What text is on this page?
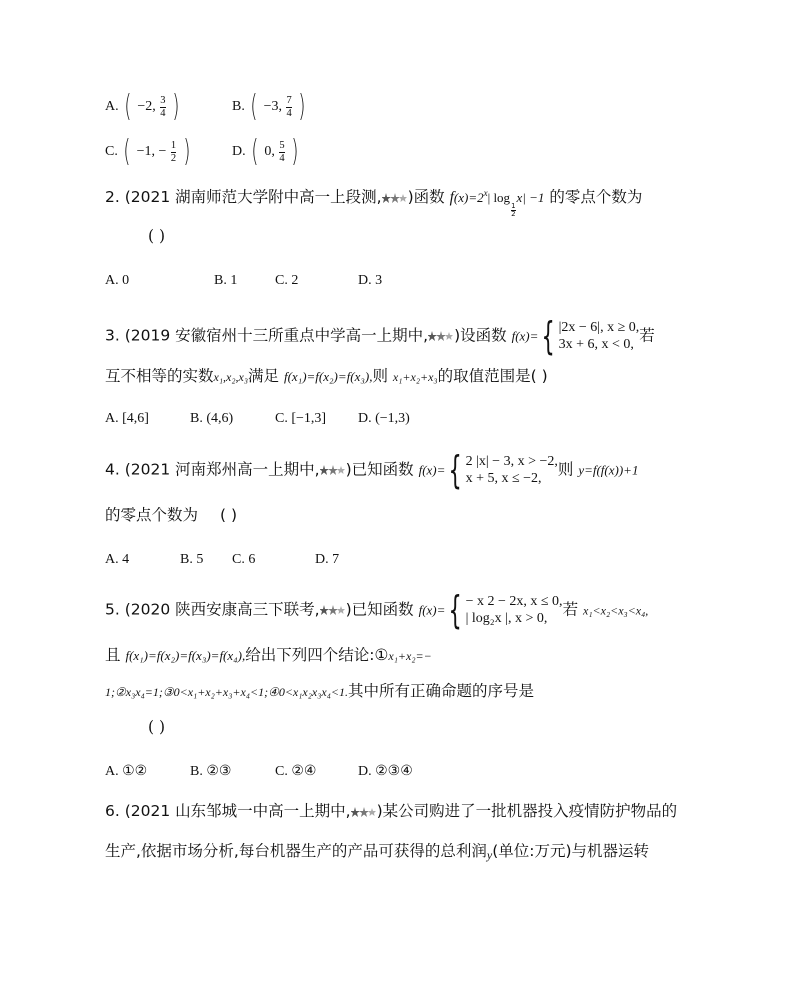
A. ( −2, $\frac{3}{4}$ )	B. ( −3, $\frac{7}{4}$ )
C. ( −1, − $\frac{1}{2}$ )	D. ( 0, $\frac{5}{4}$ )
2. (2021 湖南师范大学附中高一上段测, )函数 $f(x)=2^x|$ log
$\frac{1}{2}$
x| −1 的零点个数为
( )
A. 0	B. 1	C. 2	D. 3
3. (2019 安徽宿州十三所重点中学高一上期中, )设函数 f(x)={ |2x − 6|, x ≥ 0,
3x + 6, x < 0, 若
互不相等的实数x₁,x₂,x₃满足 f(x₁)=f(x₂)=f(x₃),则 x₁+x₂+x₃的取值范围是( )
A. [4,6]	B. (4,6)	C. [−1,3] D. (−1,3)
4. (2021 河南郑州高一上期中, )已知函数 f(x)={ 2 |x| − 3, x > −2,
x + 5, x ≤ −2,	则 y=f(f(x))+1
的零点个数为 ( )
A. 4	B. 5 C. 6	D. 7
5. (2020 陕西安康高三下联考, )已知函数 f(x)={ − x 2 − 2x, x ≤ 0,
| log₂x |, x > 0, 若 x₁<x₂<x₃<x₄,
且 f(x₁)=f(x₂)=f(x₃)=f(x₄),给出下列四个结论:①x₁+x₂=−
1;②x₃x₄=1;③0<x₁+x₂+x₃+x₄<1;④0<x₁x₂x₃x₄<1.其中所有正确命题的序号是
( )
A. ①②	B. ②③	C. ②④	D. ②③④
6. (2021 山东邹城一中高一上期中, )某公司购进了一批机器投入疫情防护物品的
生产,依据市场分析,每台机器生产的产品可获得的总利润y(单位:万元)与机器运转
